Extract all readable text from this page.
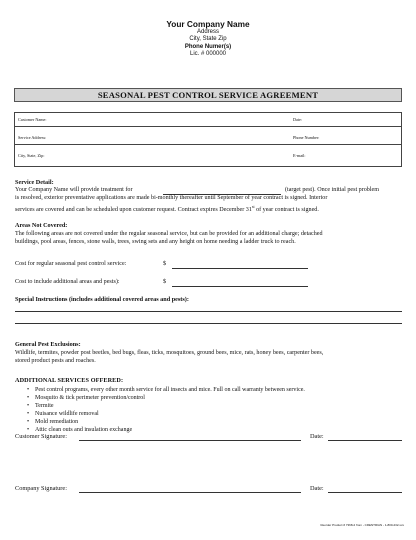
Your Company Name
Address
City, State Zip
Phone Numer(s)
Lic. # 000000
SEASONAL PEST CONTROL SERVICE AGREEMENT
Customer Name:	Date:
Service Address:	Phone Number:
City, State, Zip:	E-mail:
Service Detail:
Your Company Name will provide treatment for	(target pest). Once initial pest problem
is resolved, exterior preventative applications are made bi-monthly thereafter until September of year contract is signed. Interior
services are covered and can be scheduled upon customer request. Contract expires December 31st of year contract is signed.
Areas Not Covered:
The following areas are not covered under the regular seasonal service, but can be provided for an additional charge; detached
buildings, pool areas, fences, stone walls, trees, swing sets and any height on home needing a ladder truck to reach.
Cost for regular seasonal pest control service:	$
Cost to include additional areas and pests):	$
Special Instructions (includes additional covered areas and pests):
General Pest Exclusions:
Wildlife, termites, powder post beetles, bed bugs, fleas, ticks, mosquitoes, ground bees, mice, rats, honey bees, carpenter bees,
stored product pests and roaches.
ADDITIONAL SERVICES OFFERED:
• Pest control programs, every other month service for all insects and mice. Full on call warranty between service.
• Mosquito & tick perimeter prevention/control
• Termite
• Nuisance wildlife removal
• Mold remediation
• Attic clean outs and insulation exchange
Customer Signature:	Date:
Company Signature:	Date:
Reorder Product # 7368-2 from - CRENTRIAN - 1-800-232-xxx
